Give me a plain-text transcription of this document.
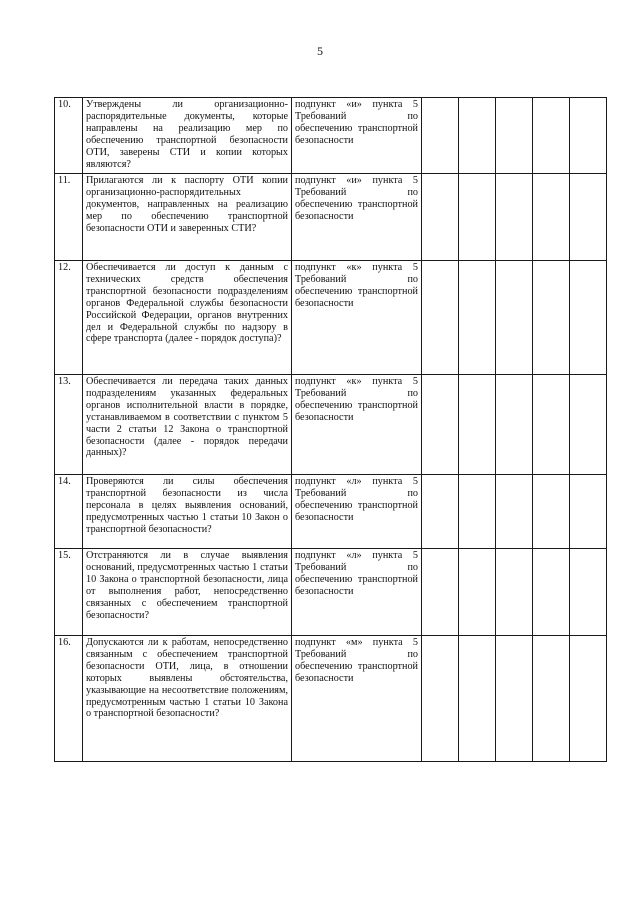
5
10.	Утверждены ли организационно-распорядительные документы, которые направлены на реализацию мер по обеспечению транспортной безопасности ОТИ, заверены СТИ и копии которых являются?	подпункт «и» пункта 5 Требований по обеспечению транспортной безопасности					
11.	Прилагаются ли к паспорту ОТИ копии организационно-распорядительных документов, направленных на реализацию мер по обеспечению транспортной безопасности ОТИ и заверенных СТИ?	подпункт «и» пункта 5 Требований по обеспечению транспортной безопасности					
12.	Обеспечивается ли доступ к данным с технических средств обеспечения транспортной безопасности подразделениям органов Федеральной службы безопасности Российской Федерации, органов внутренних дел и Федеральной службы по надзору в сфере транспорта (далее - порядок доступа)?	подпункт «к» пункта 5 Требований по обеспечению транспортной безопасности					
13.	Обеспечивается ли передача таких данных подразделениям указанных федеральных органов исполнительной власти в порядке, устанавливаемом в соответствии с пунктом 5 части 2 статьи 12 Закона о транспортной безопасности (далее - порядок передачи данных)?	подпункт «к» пункта 5 Требований по обеспечению транспортной безопасности					
14.	Проверяются ли силы обеспечения транспортной безопасности из числа персонала в целях выявления оснований, предусмотренных частью 1 статьи 10 Закон о транспортной безопасности?	подпункт «л» пункта 5 Требований по обеспечению транспортной безопасности					
15.	Отстраняются ли в случае выявления оснований, предусмотренных частью 1 статьи 10 Закона о транспортной безопасности, лица от выполнения работ, непосредственно связанных с обеспечением транспортной безопасности?	подпункт «л» пункта 5 Требований по обеспечению транспортной безопасности					
16.	Допускаются ли к работам, непосредственно связанным с обеспечением транспортной безопасности ОТИ, лица, в отношении которых выявлены обстоятельства, указывающие на несоответствие положениям, предусмотренным частью 1 статьи 10 Закона о транспортной безопасности?	подпункт «м» пункта 5 Требований по обеспечению транспортной безопасности					
